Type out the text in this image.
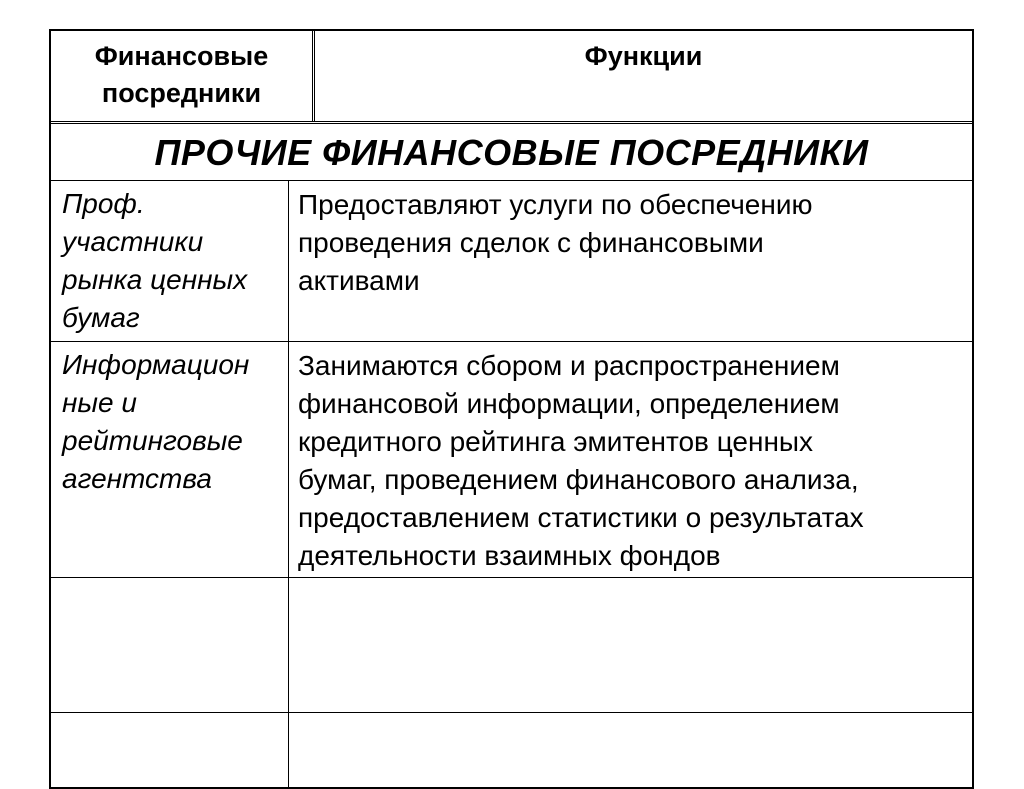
Финансовые
посредники
Функции
ПРОЧИЕ ФИНАНСОВЫЕ ПОСРЕДНИКИ
Проф.
участники
рынка ценных
бумаг
Предоставляют услуги по обеспечению
проведения сделок с финансовыми
активами
Информацион
ные и
рейтинговые
агентства
Занимаются сбором и распространением
финансовой информации, определением
кредитного рейтинга эмитентов ценных
бумаг, проведением финансового анализа,
предоставлением статистики о результатах
деятельности взаимных фондов
